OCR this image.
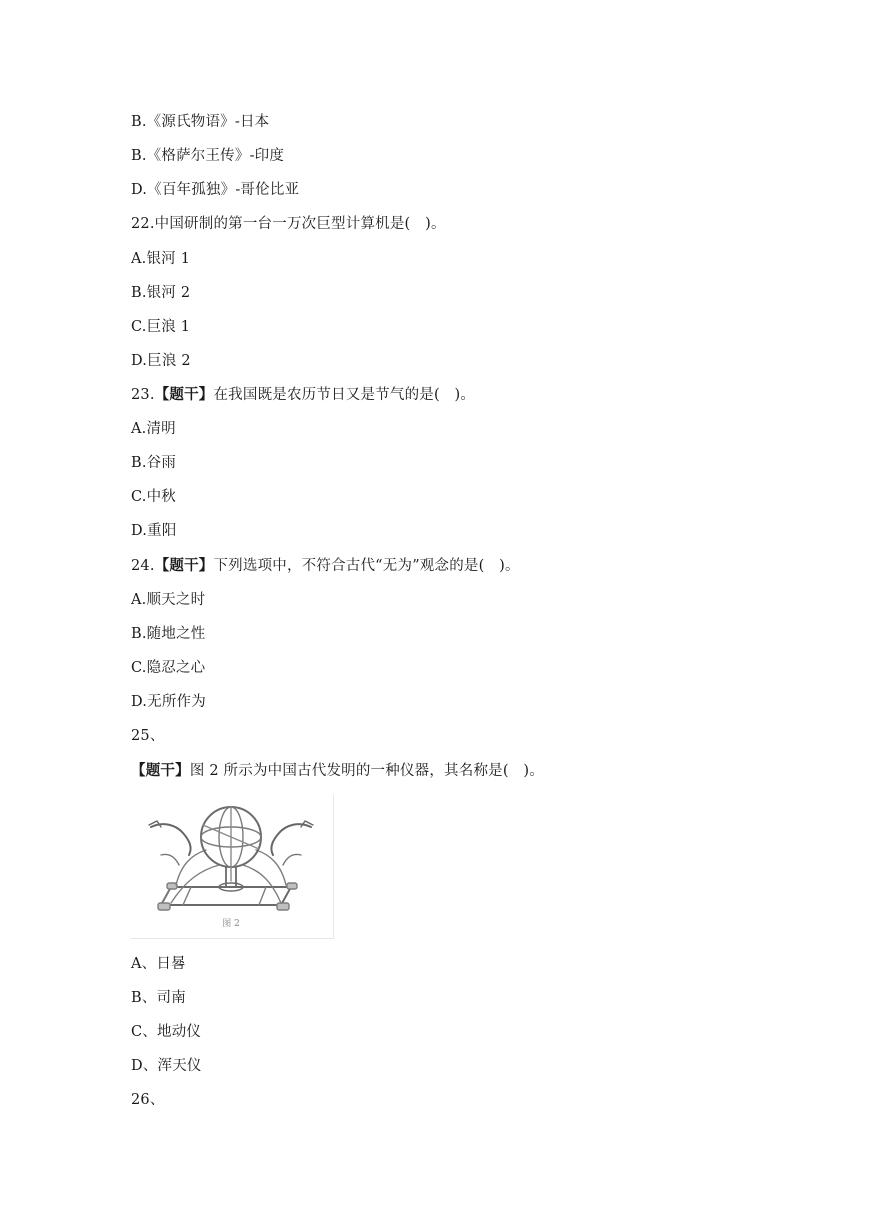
B.《源氏物语》-日本
B.《格萨尔王传》-印度
D.《百年孤独》-哥伦比亚
22.中国研制的第一台一万次巨型计算机是(　)。
A.银河 1
B.银河 2
C.巨浪 1
D.巨浪 2
23.【题干】在我国既是农历节日又是节气的是(　)。
A.清明
B.谷雨
C.中秋
D.重阳
24.【题干】下列选项中，不符合古代“无为”观念的是(　)。
A.顺天之时
B.随地之性
C.隐忍之心
D.无所作为
25、
【题干】图 2 所示为中国古代发明的一种仪器，其名称是(　)。
图 2
A、日晷
B、司南
C、地动仪
D、浑天仪
26、
